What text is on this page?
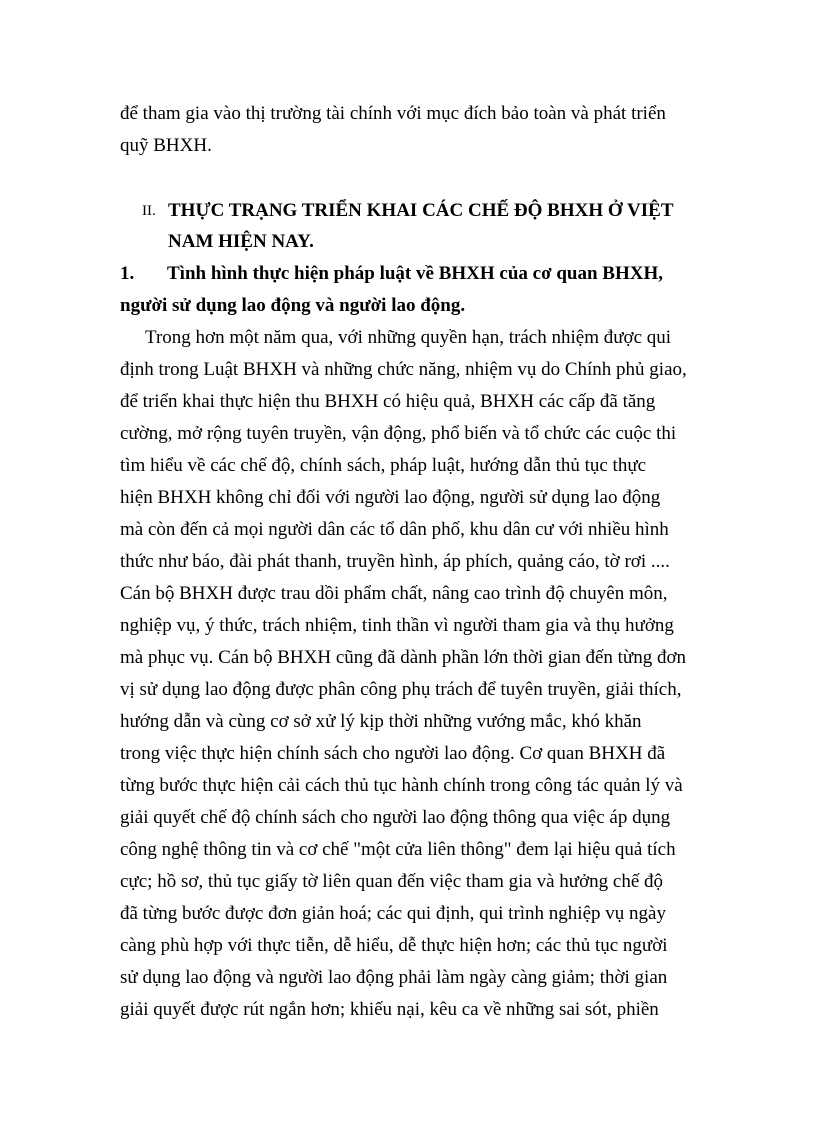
để tham gia vào thị trường tài chính với mục đích bảo toàn và phát triển
quỹ BHXH.
II. THỰC TRẠNG TRIỂN KHAI CÁC CHẾ ĐỘ BHXH Ở VIỆT
NAM HIỆN NAY.
1. Tình hình thực hiện pháp luật về BHXH của cơ quan BHXH,
người sử dụng lao động và người lao động.
Trong hơn một năm qua, với những quyền hạn, trách nhiệm được qui
định trong Luật BHXH và những chức năng, nhiệm vụ do Chính phủ giao,
để triển khai thực hiện thu BHXH có hiệu quả, BHXH các cấp đã tăng
cường, mở rộng tuyên truyền, vận động, phổ biến và tổ chức các cuộc thi
tìm hiểu về các chế độ, chính sách, pháp luật, hướng dẫn thủ tục thực
hiện BHXH không chỉ đối với người lao động, người sử dụng lao động
mà còn đến cả mọi người dân các tổ dân phố, khu dân cư với nhiều hình
thức như báo, đài phát thanh, truyền hình, áp phích, quảng cáo, tờ rơi ....
Cán bộ BHXH được trau dồi phẩm chất, nâng cao trình độ chuyên môn,
nghiệp vụ, ý thức, trách nhiệm, tinh thần vì người tham gia và thụ hưởng
mà phục vụ. Cán bộ BHXH cũng đã dành phần lớn thời gian đến từng đơn
vị sử dụng lao động được phân công phụ trách để tuyên truyền, giải thích,
hướng dẫn và cùng cơ sở xử lý kịp thời những vướng mắc, khó khăn
trong việc thực hiện chính sách cho người lao động. Cơ quan BHXH đã
từng bước thực hiện cải cách thủ tục hành chính trong công tác quản lý và
giải quyết chế độ chính sách cho người lao động thông qua việc áp dụng
công nghệ thông tin và cơ chế "một cửa liên thông" đem lại hiệu quả tích
cực; hồ sơ, thủ tục giấy tờ liên quan đến việc tham gia và hưởng chế độ
đã từng bước được đơn giản hoá; các qui định, qui trình nghiệp vụ ngày
càng phù hợp với thực tiễn, dễ hiểu, dễ thực hiện hơn; các thủ tục người
sử dụng lao động và người lao động phải làm ngày càng giảm; thời gian
giải quyết được rút ngắn hơn; khiếu nại, kêu ca về những sai sót, phiền
